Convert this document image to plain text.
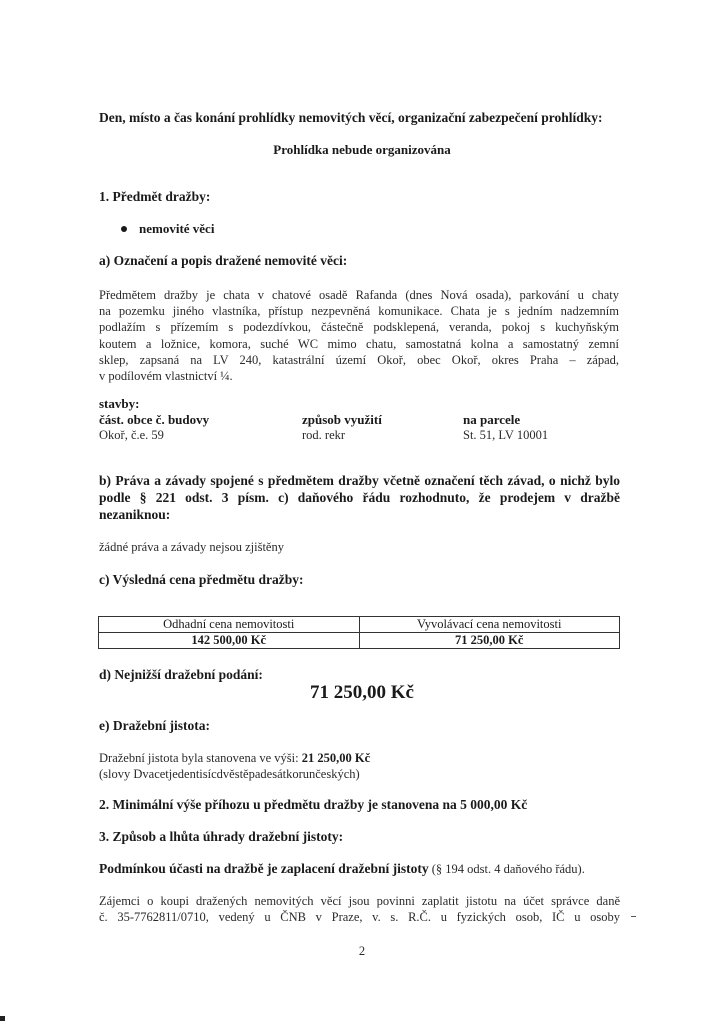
Den, místo a čas konání prohlídky nemovitých věcí, organizační zabezpečení prohlídky:
Prohlídka nebude organizována
1. Předmět dražby:
nemovité věci
a) Označení a popis dražené nemovité věci:
Předmětem dražby je chata v chatové osadě Rafanda (dnes Nová osada), parkování u chaty
na pozemku jiného vlastníka, přístup nezpevněná komunikace. Chata je s jedním nadzemním
podlažím s přízemím s podezdívkou, částečně podsklepená, veranda, pokoj s kuchyňským
koutem a ložnice, komora, suché WC mimo chatu, samostatná kolna a samostatný zemní
sklep, zapsaná na LV 240, katastrální území Okoř, obec Okoř, okres Praha – západ,
v podílovém vlastnictví ¼.
stavby:
část. obce č. budovy	způsob využití	na parcele
Okoř, č.e. 59	rod. rekr	St. 51, LV 10001
b) Práva a závady spojené s předmětem dražby včetně označení těch závad, o nichž bylo
podle § 221 odst. 3 písm. c) daňového řádu rozhodnuto, že prodejem v dražbě
nezaniknou:
žádné práva a závady nejsou zjištěny
c) Výsledná cena předmětu dražby:
Odhadní cena nemovitosti	Vyvolávací cena nemovitosti
142 500,00 Kč	71 250,00 Kč
d) Nejnižší dražební podání:
71 250,00 Kč
e) Dražební jistota:
Dražební jistota byla stanovena ve výši: 21 250,00 Kč
(slovy Dvacetjedentisícdvěstěpadesátkorunčeských)
2. Minimální výše příhozu u předmětu dražby je stanovena na 5 000,00 Kč
3. Způsob a lhůta úhrady dražební jistoty:
Podmínkou účasti na dražbě je zaplacení dražební jistoty (§ 194 odst. 4 daňového řádu).
Zájemci o koupi dražených nemovitých věcí jsou povinni zaplatit jistotu na účet správce daně
č. 35-7762811/0710, vedený u ČNB v Praze, v. s. R.Č. u fyzických osob, IČ u osoby
2
